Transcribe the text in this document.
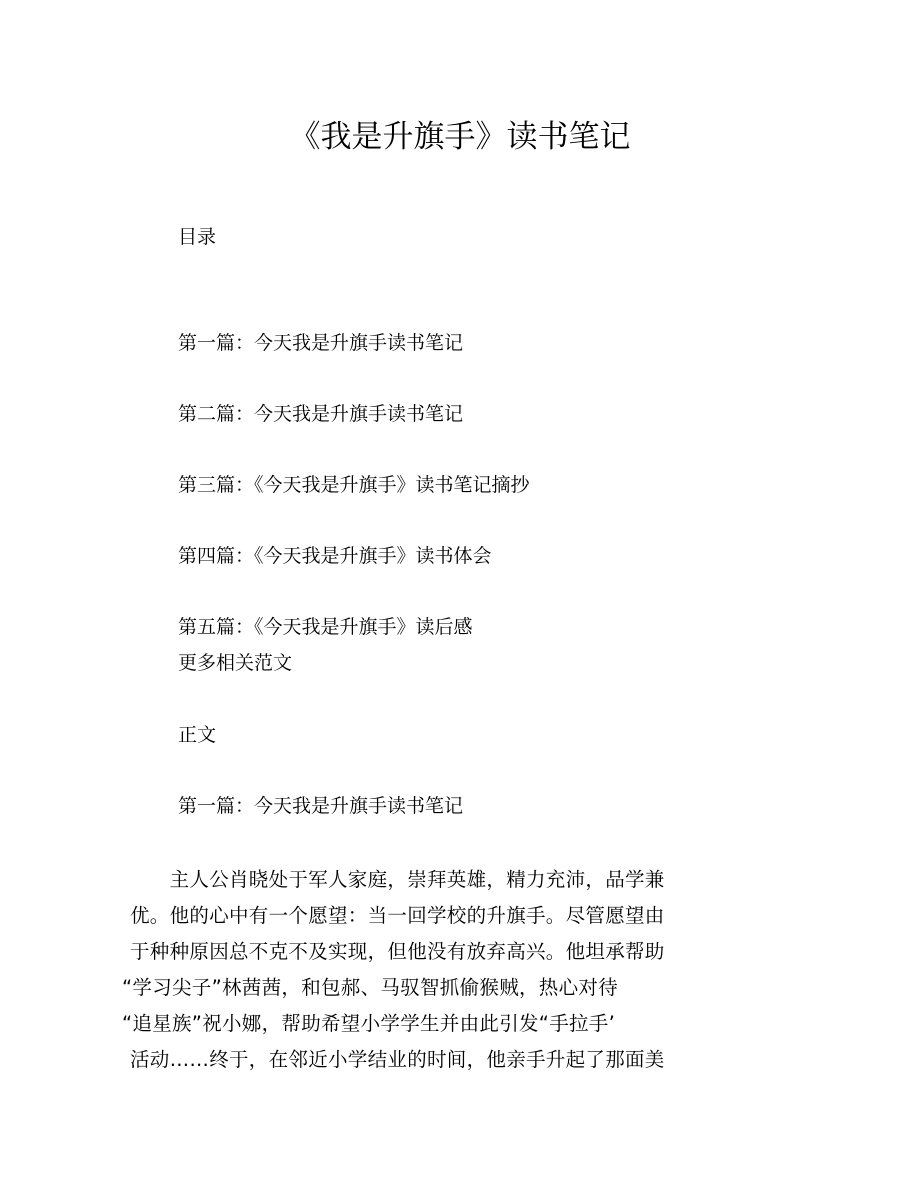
《我是升旗手》读书笔记
目录
第一篇：今天我是升旗手读书笔记
第二篇：今天我是升旗手读书笔记
第三篇：《今天我是升旗手》读书笔记摘抄
第四篇：《今天我是升旗手》读书体会
第五篇：《今天我是升旗手》读后感
更多相关范文
正文
第一篇：今天我是升旗手读书笔记
　　主人公肖晓处于军人家庭，崇拜英雄，精力充沛，品学兼
优。他的心中有一个愿望：当一回学校的升旗手。尽管愿望由
于种种原因总不克不及实现，但他没有放弃高兴。他坦承帮助
“学习尖子”林茜茜，和包郝、马驭智抓偷猴贼，热心对待
“追星族”祝小娜，帮助希望小学学生并由此引发“手拉手’
活动……终于，在邻近小学结业的时间，他亲手升起了那面美
